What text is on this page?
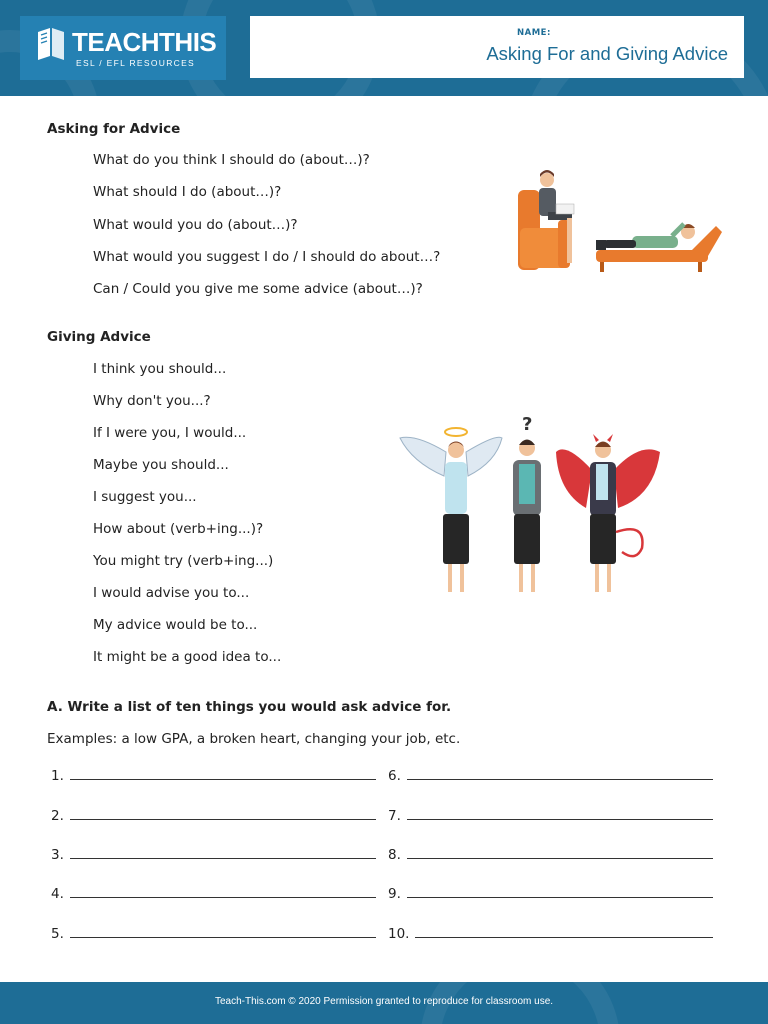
TEACHTHIS
ESL / EFL RESOURCES
NAME:
Asking For and Giving Advice
Asking for Advice
What do you think I should do (about…)?
What should I do (about…)?
What would you do (about…)?
What would you suggest I do / I should do about…?
Can / Could you give me some advice (about…)?
Giving Advice
I think you should...
Why don't you...?
If I were you, I would...
Maybe you should...
I suggest you...
How about (verb+ing...)?
You might try (verb+ing...)
I would advise you to...
My advice would be to...
It might be a good idea to...
?
A. Write a list of ten things you would ask advice for.
Examples: a low GPA, a broken heart, changing your job, etc.
1.
2.
3.
4.
5.
6.
7.
8.
9.
10.
Teach-This.com © 2020 Permission granted to reproduce for classroom use.
